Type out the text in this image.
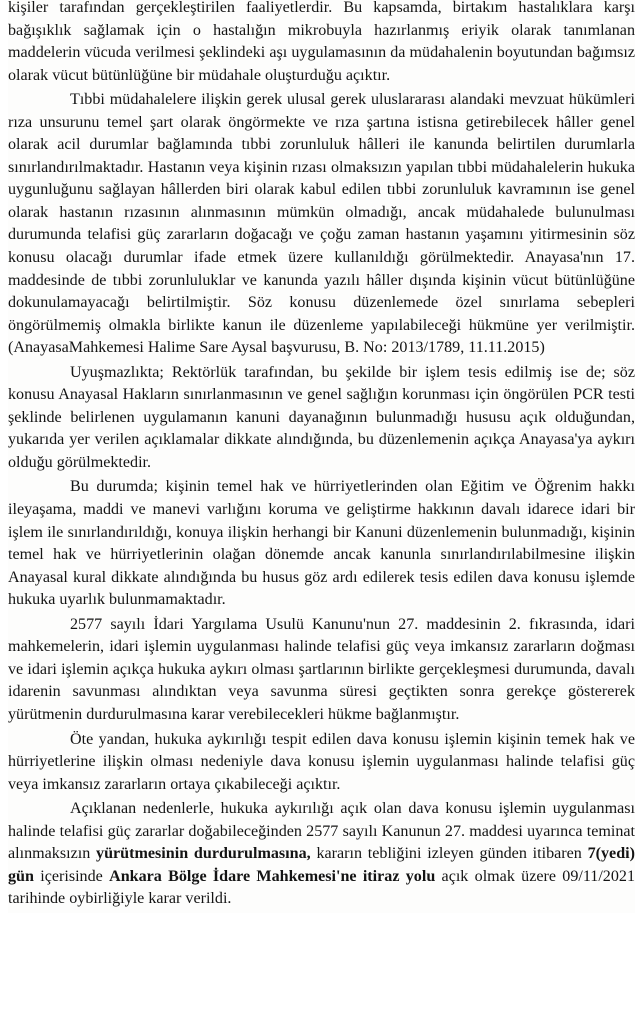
kişiler tarafından gerçekleştirilen faaliyetlerdir. Bu kapsamda, birtakım hastalıklara karşı bağışıklık sağlamak için o hastalığın mikrobuyla hazırlanmış eriyik olarak tanımlanan maddelerin vücuda verilmesi şeklindeki aşı uygulamasının da müdahalenin boyutundan bağımsız olarak vücut bütünlüğüne bir müdahale oluşturduğu açıktır.

Tıbbi müdahalelere ilişkin gerek ulusal gerek uluslararası alandaki mevzuat hükümleri rıza unsurunu temel şart olarak öngörmekte ve rıza şartına istisna getirebilecek hâller genel olarak acil durumlar bağlamında tıbbi zorunluluk hâlleri ile kanunda belirtilen durumlarla sınırlandırılmaktadır. Hastanın veya kişinin rızası olmaksızın yapılan tıbbi müdahalelerin hukuka uygunluğunu sağlayan hâllerden biri olarak kabul edilen tıbbi zorunluluk kavramının ise genel olarak hastanın rızasının alınmasının mümkün olmadığı, ancak müdahalede bulunulması durumunda telafisi güç zararların doğacağı ve çoğu zaman hastanın yaşamını yitirmesinin söz konusu olacağı durumlar ifade etmek üzere kullanıldığı görülmektedir. Anayasa'nın 17. maddesinde de tıbbi zorunluluklar ve kanunda yazılı hâller dışında kişinin vücut bütünlüğüne dokunulamayacağı belirtilmiştir. Söz konusu düzenlemede özel sınırlama sebepleri öngörülmemiş olmakla birlikte kanun ile düzenleme yapılabileceği hükmüne yer verilmiştir. (AnayasaMahkemesi Halime Sare Aysal başvurusu, B. No: 2013/1789, 11.11.2015)

Uyuşmazlıkta; Rektörlük tarafından, bu şekilde bir işlem tesis edilmiş ise de; söz konusu Anayasal Hakların sınırlanmasının ve genel sağlığın korunması için öngörülen PCR testi şeklinde belirlenen uygulamanın kanuni dayanağının bulunmadığı hususu açık olduğundan, yukarıda yer verilen açıklamalar dikkate alındığında, bu düzenlemenin açıkça Anayasa'ya aykırı olduğu görülmektedir.

Bu durumda; kişinin temel hak ve hürriyetlerinden olan Eğitim ve Öğrenim hakkı ileyaşama, maddi ve manevi varlığını koruma ve geliştirme hakkının davalı idarece idari bir işlem ile sınırlandırıldığı, konuya ilişkin herhangi bir Kanuni düzenlemenin bulunmadığı, kişinin temel hak ve hürriyetlerinin olağan dönemde ancak kanunla sınırlandırılabilmesine ilişkin Anayasal kural dikkate alındığında bu husus göz ardı edilerek tesis edilen dava konusu işlemde hukuka uyarlık bulunmamaktadır.

2577 sayılı İdari Yargılama Usulü Kanunu'nun 27. maddesinin 2. fıkrasında, idari mahkemelerin, idari işlemin uygulanması halinde telafisi güç veya imkansız zararların doğması ve idari işlemin açıkça hukuka aykırı olması şartlarının birlikte gerçekleşmesi durumunda, davalı idarenin savunması alındıktan veya savunma süresi geçtikten sonra gerekçe göstererek yürütmenin durdurulmasına karar verebilecekleri hükme bağlanmıştır.

Öte yandan, hukuka aykırılığı tespit edilen dava konusu işlemin kişinin temek hak ve hürriyetlerine ilişkin olması nedeniyle dava konusu işlemin uygulanması halinde telafisi güç veya imkansız zararların ortaya çıkabileceği açıktır.

Açıklanan nedenlerle, hukuka aykırılığı açık olan dava konusu işlemin uygulanması halinde telafisi güç zararlar doğabileceğinden 2577 sayılı Kanunun 27. maddesi uyarınca teminat alınmaksızın yürütmesinin durdurulmasına, kararın tebliğini izleyen günden itibaren 7(yedi) gün içerisinde Ankara Bölge İdare Mahkemesi'ne itiraz yolu açık olmak üzere 09/11/2021 tarihinde oybirliğiyle karar verildi.
